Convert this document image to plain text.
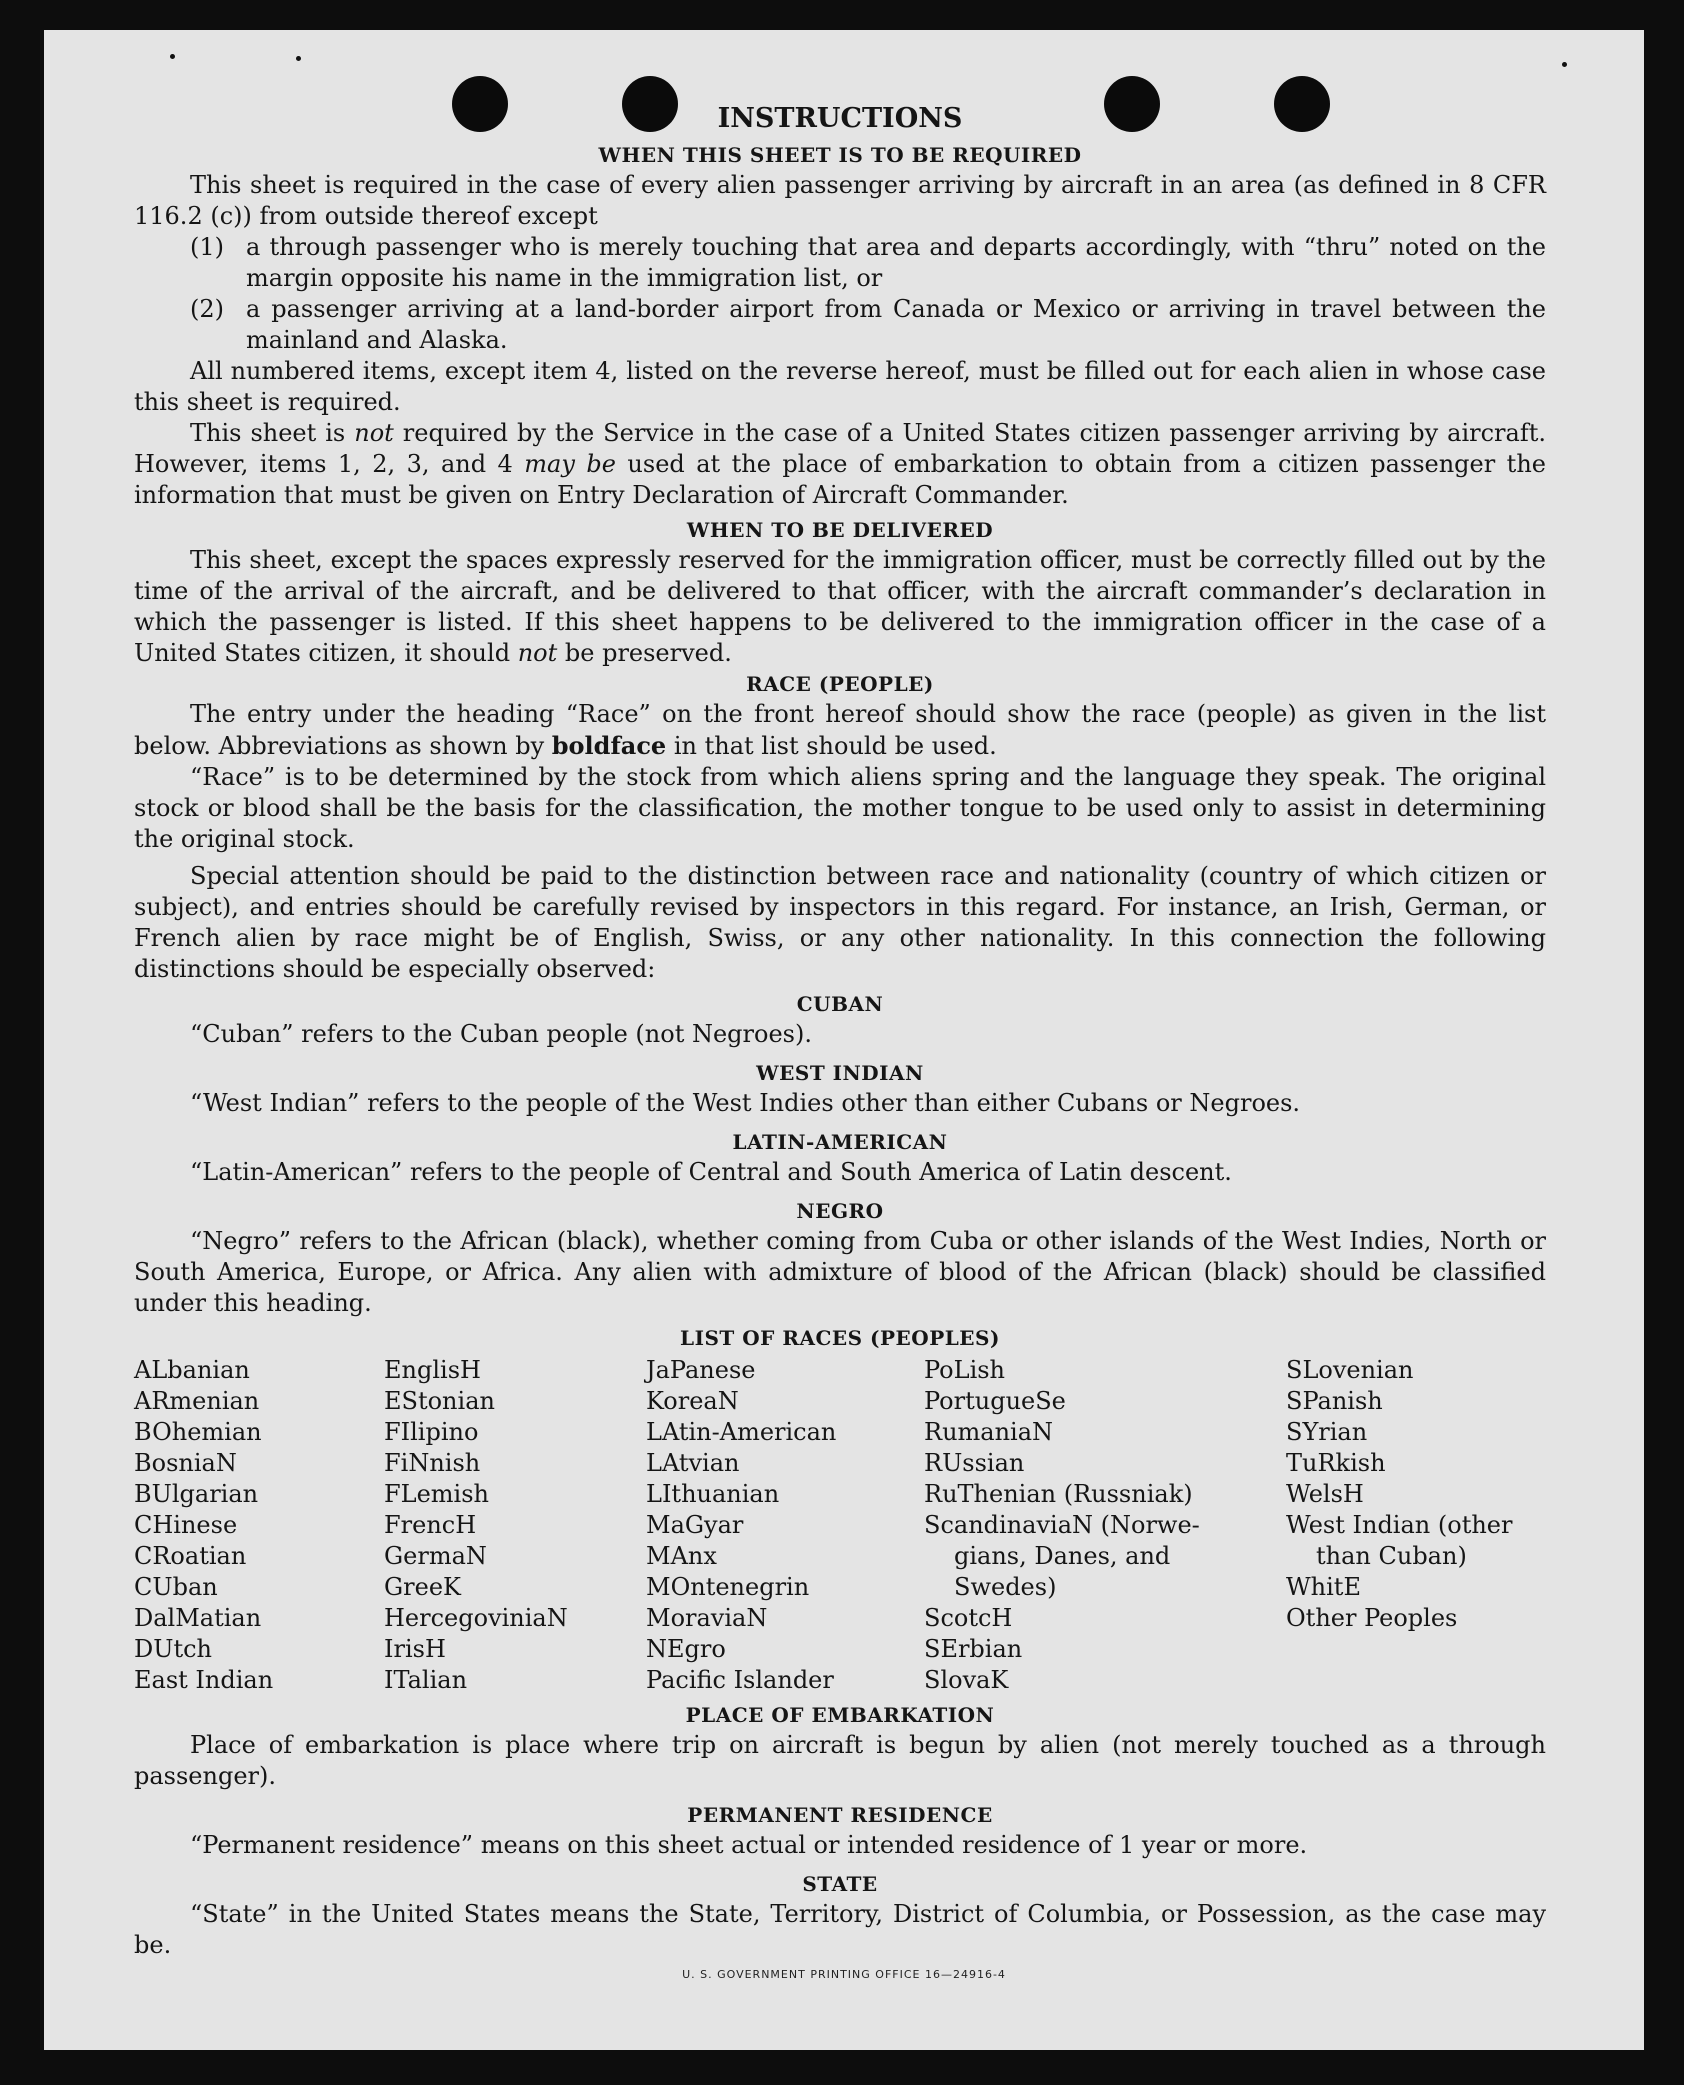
INSTRUCTIONS
WHEN THIS SHEET IS TO BE REQUIRED

This sheet is required in the case of every alien passenger arriving by aircraft in an area (as defined in 8 CFR 116.2 (c)) from outside thereof except

(1) a through passenger who is merely touching that area and departs accordingly, with “thru” noted on the margin opposite his name in the immigration list, or
(2) a passenger arriving at a land-border airport from Canada or Mexico or arriving in travel between the mainland and Alaska.

All numbered items, except item 4, listed on the reverse hereof, must be filled out for each alien in whose case this sheet is required.

This sheet is not required by the Service in the case of a United States citizen passenger arriving by aircraft. However, items 1, 2, 3, and 4 may be used at the place of embarkation to obtain from a citizen passenger the information that must be given on Entry Declaration of Aircraft Commander.

WHEN TO BE DELIVERED

This sheet, except the spaces expressly reserved for the immigration officer, must be correctly filled out by the time of the arrival of the aircraft, and be delivered to that officer, with the aircraft commander’s declaration in which the passenger is listed. If this sheet happens to be delivered to the immigration officer in the case of a United States citizen, it should not be preserved.

RACE (PEOPLE)

The entry under the heading “Race” on the front hereof should show the race (people) as given in the list below. Abbreviations as shown by boldface in that list should be used.

“Race” is to be determined by the stock from which aliens spring and the language they speak. The original stock or blood shall be the basis for the classification, the mother tongue to be used only to assist in determining the original stock.

Special attention should be paid to the distinction between race and nationality (country of which citizen or subject), and entries should be carefully revised by inspectors in this regard. For instance, an Irish, German, or French alien by race might be of English, Swiss, or any other nationality. In this connection the following distinctions should be especially observed:

CUBAN

“Cuban” refers to the Cuban people (not Negroes).

WEST INDIAN

“West Indian” refers to the people of the West Indies other than either Cubans or Negroes.

LATIN-AMERICAN

“Latin-American” refers to the people of Central and South America of Latin descent.

NEGRO

“Negro” refers to the African (black), whether coming from Cuba or other islands of the West Indies, North or South America, Europe, or Africa. Any alien with admixture of blood of the African (black) should be classified under this heading.

LIST OF RACES (PEOPLES)
ALbanian
ARmenian
BOhemian
BosniaN
BUlgarian
CHinese
CRoatian
CUban
DalMatian
DUtch
East Indian
EnglisH
EStonian
FIlipino
FiNnish
FLemish
FrencH
GermaN
GreeK
HercegoviniaN
IrisH
ITalian
JaPanese
KoreaN
LAtin-American
LAtvian
LIthuanian
MaGyar
MAnx
MOntenegrin
MoraviaN
NEgro
Pacific Islander
PoLish
PortugueSe
RumaniaN
RUssian
RuThenian (Russniak)
ScandinaviaN (Norwe-
gians, Danes, and
Swedes)
ScotcH
SErbian
SlovaK
SLovenian
SPanish
SYrian
TuRkish
WelsH
West Indian (other
than Cuban)
WhitE
Other Peoples
PLACE OF EMBARKATION

Place of embarkation is place where trip on aircraft is begun by alien (not merely touched as a through passenger).

PERMANENT RESIDENCE

“Permanent residence” means on this sheet actual or intended residence of 1 year or more.

STATE

“State” in the United States means the State, Territory, District of Columbia, or Possession, as the case may be.

U. S. GOVERNMENT PRINTING OFFICE 16—24916-4
